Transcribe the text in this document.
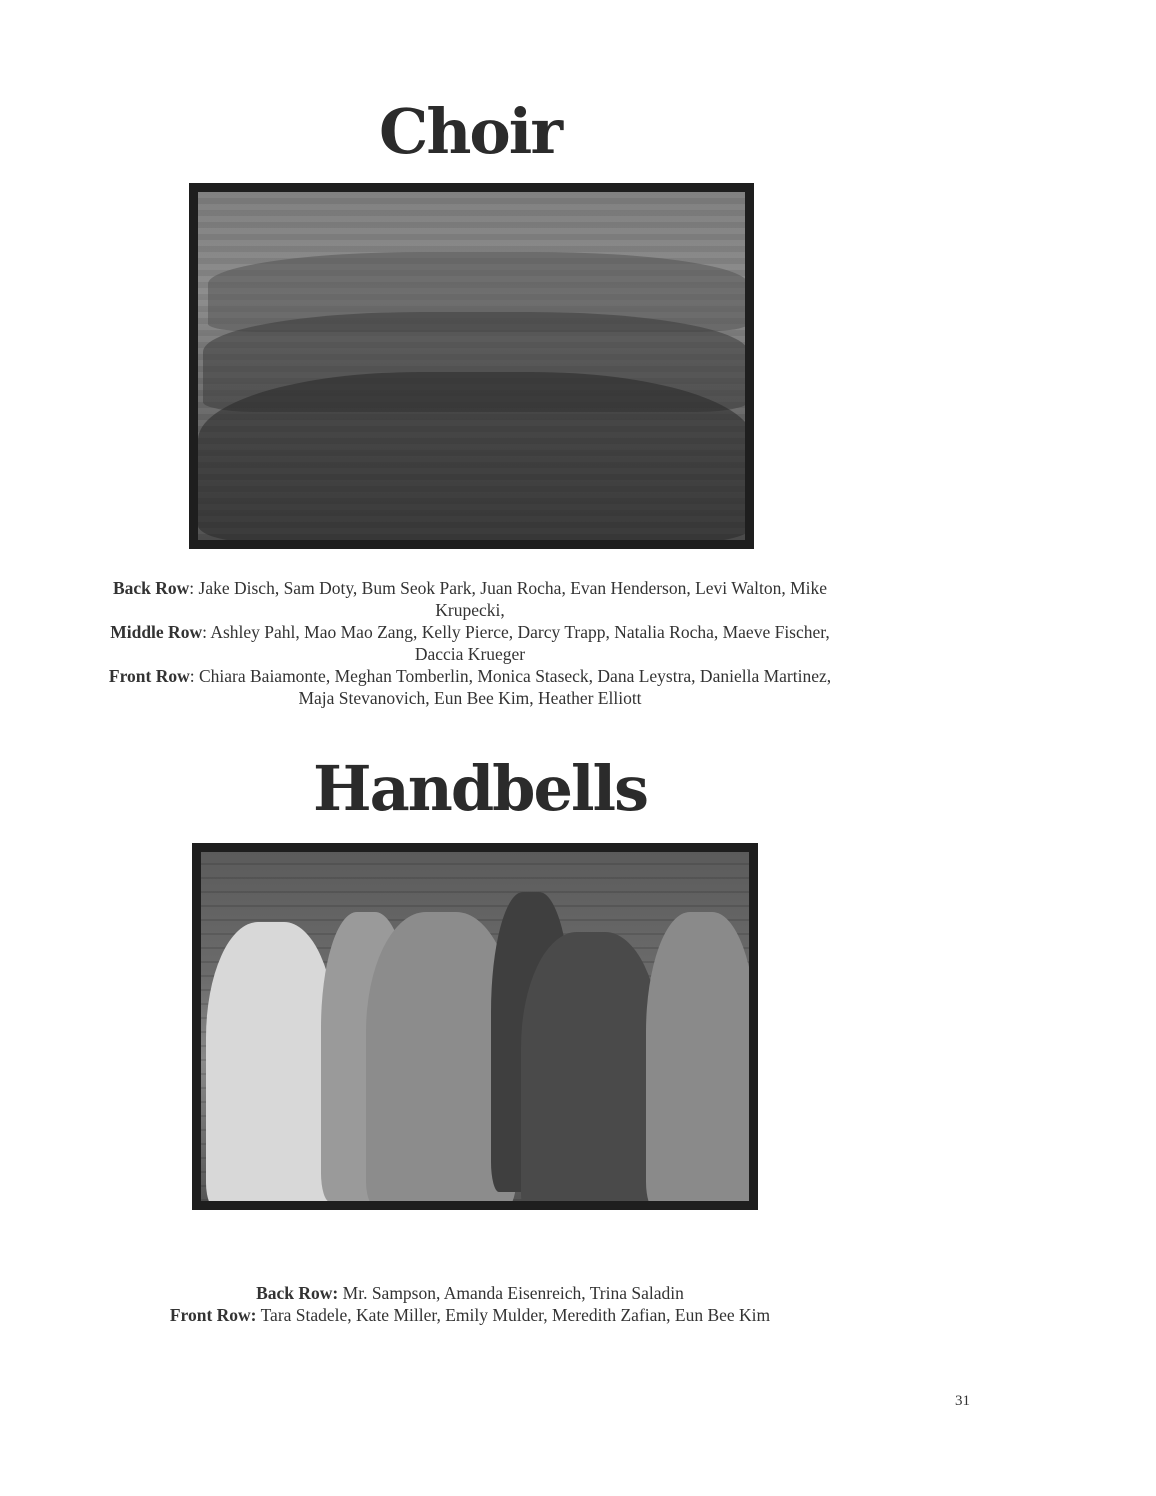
Choir

Back Row: Jake Disch, Sam Doty, Bum Seok Park, Juan Rocha, Evan Henderson, Levi Walton, Mike Krupecki,

Middle Row: Ashley Pahl, Mao Mao Zang, Kelly Pierce, Darcy Trapp, Natalia Rocha, Maeve Fischer, Daccia Krueger

Front Row: Chiara Baiamonte, Meghan Tomberlin, Monica Staseck, Dana Leystra, Daniella Martinez, Maja Stevanovich, Eun Bee Kim, Heather Elliott

Handbells

Back Row: Mr. Sampson, Amanda Eisenreich, Trina Saladin

Front Row: Tara Stadele, Kate Miller, Emily Mulder, Meredith Zafian, Eun Bee Kim

31
